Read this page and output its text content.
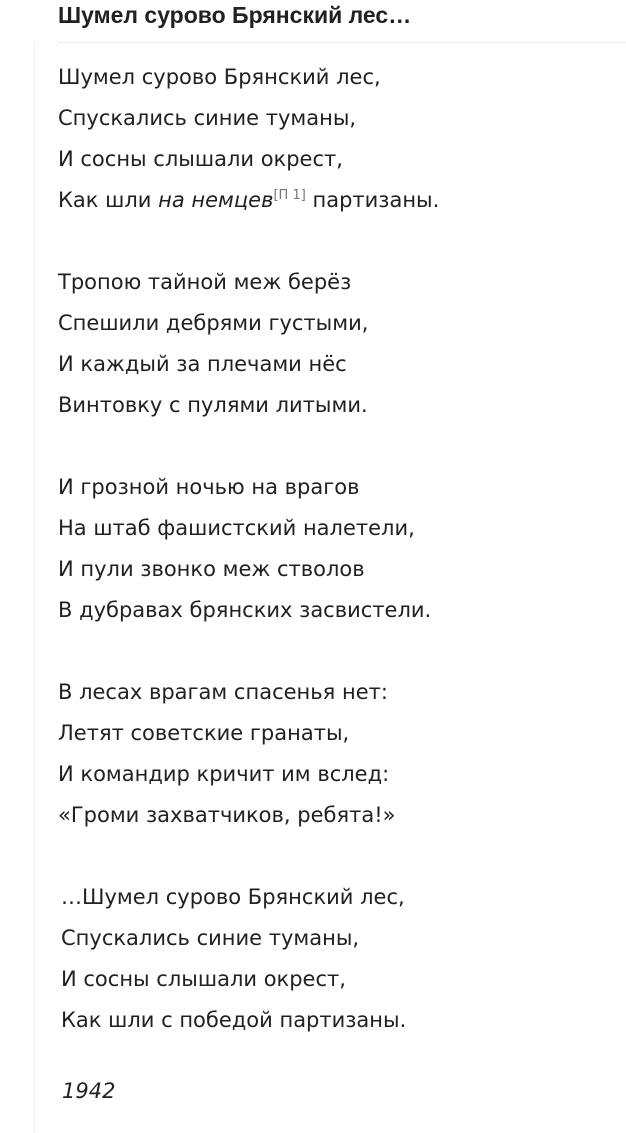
Шумел сурово Брянский лес…
Шумел сурово Брянский лес,
Спускались синие туманы,
И сосны слышали окрест,
Как шли на немцев[П 1] партизаны.
Тропою тайной меж берёз
Спешили дебрями густыми,
И каждый за плечами нёс
Винтовку с пулями литыми.
И грозной ночью на врагов
На штаб фашистский налетели,
И пули звонко меж стволов
В дубравах брянских засвистели.
В лесах врагам спасенья нет:
Летят советские гранаты,
И командир кричит им вслед:
«Громи захватчиков, ребята!»
…Шумел сурово Брянский лес,
Спускались синие туманы,
И сосны слышали окрест,
Как шли с победой партизаны.
1942
